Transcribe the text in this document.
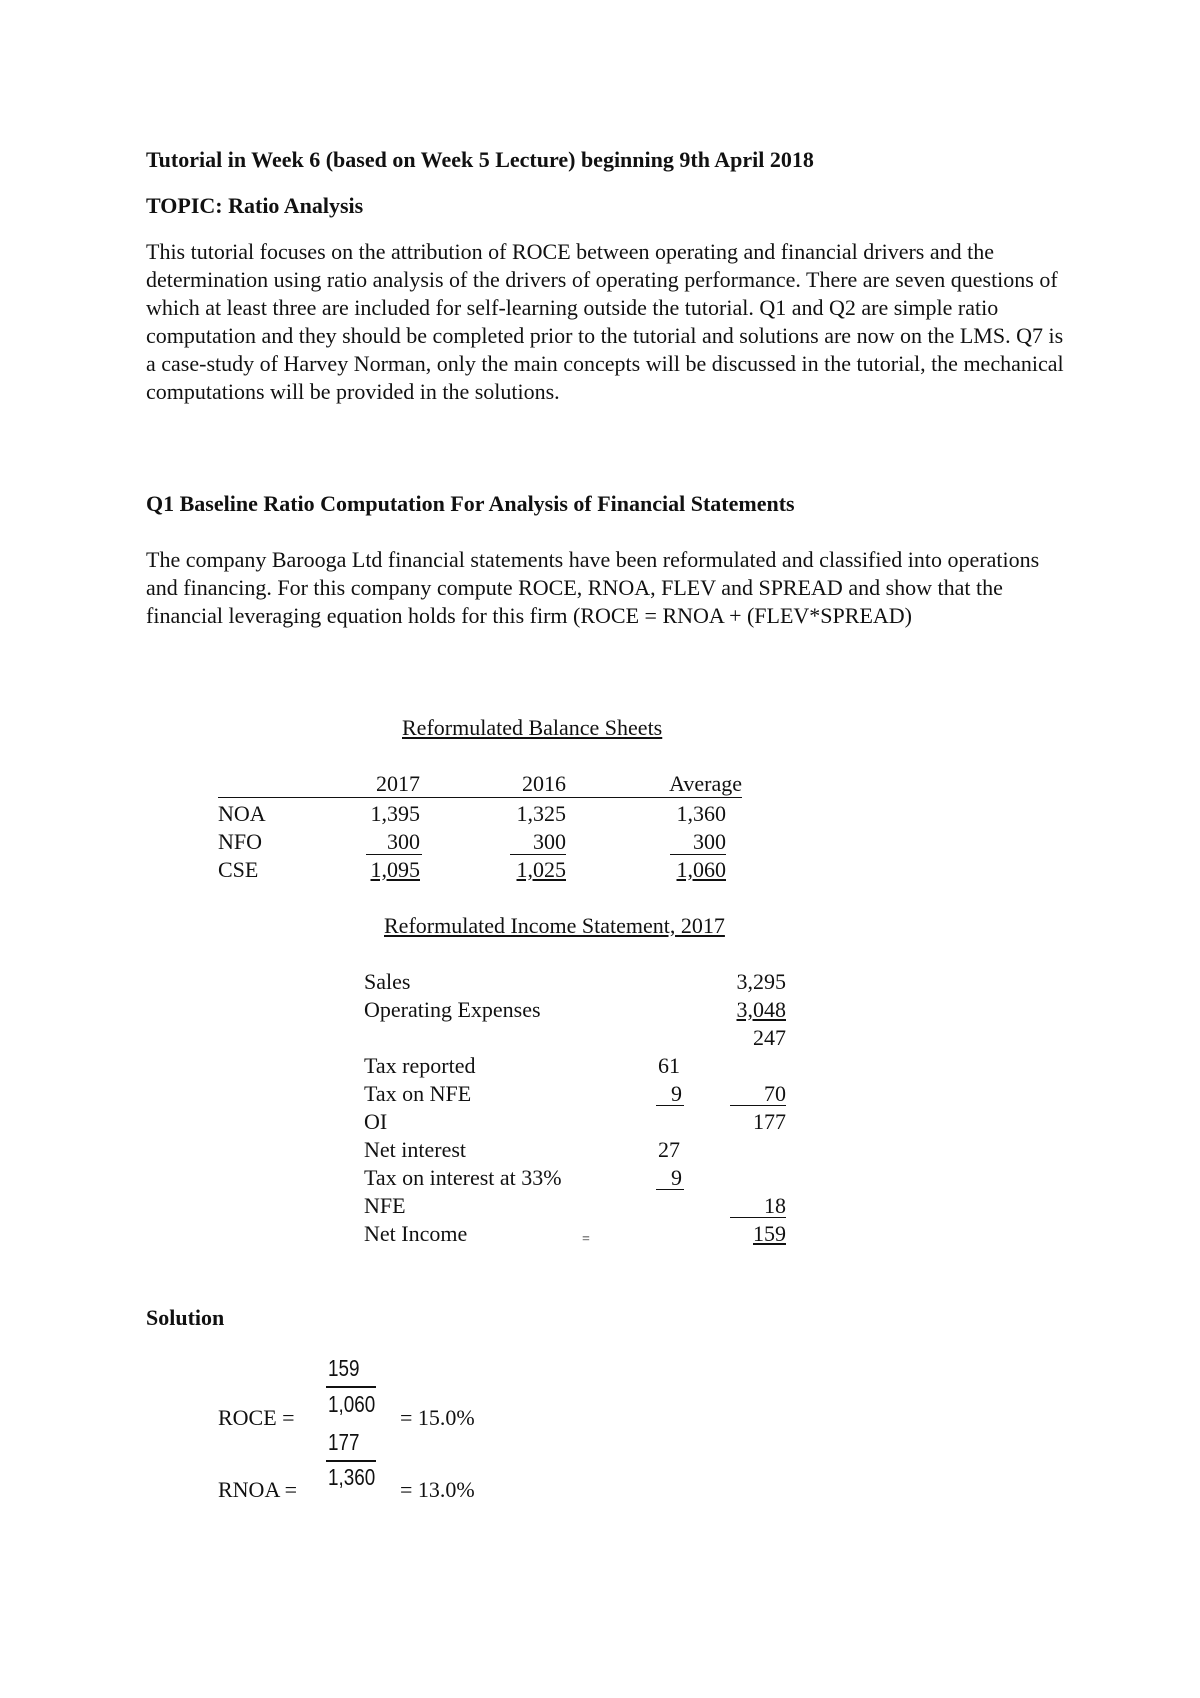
Tutorial in Week 6 (based on Week 5 Lecture) beginning 9th April 2018
TOPIC: Ratio Analysis
This tutorial focuses on the attribution of ROCE between operating and financial drivers and the determination using ratio analysis of the drivers of operating performance. There are seven questions of which at least three are included for self-learning outside the tutorial. Q1 and Q2 are simple ratio computation and they should be completed prior to the tutorial and solutions are now on the LMS. Q7 is a case-study of Harvey Norman, only the main concepts will be discussed in the tutorial, the mechanical computations will be provided in the solutions.
Q1 Baseline Ratio Computation For Analysis of Financial Statements
The company Barooga Ltd financial statements have been reformulated and classified into operations and financing. For this company compute ROCE, RNOA, FLEV and SPREAD and show that the financial leveraging equation holds for this firm (ROCE = RNOA + (FLEV*SPREAD)
Reformulated Balance Sheets
2017	2016	Average
NOA	1,395	1,325	1,360
NFO	300	300	300
CSE	1,095	1,025	1,060
Reformulated Income Statement, 2017
Sales	3,295
Operating Expenses	3,048
247
Tax reported	61
Tax on NFE	9	70
OI	177
Net interest	27
Tax on interest at 33%	9
NFE	18
Net Income	=	159
Solution
ROCE =
159
1,060
= 15.0%
RNOA =
177
1,360 = 13.0%
